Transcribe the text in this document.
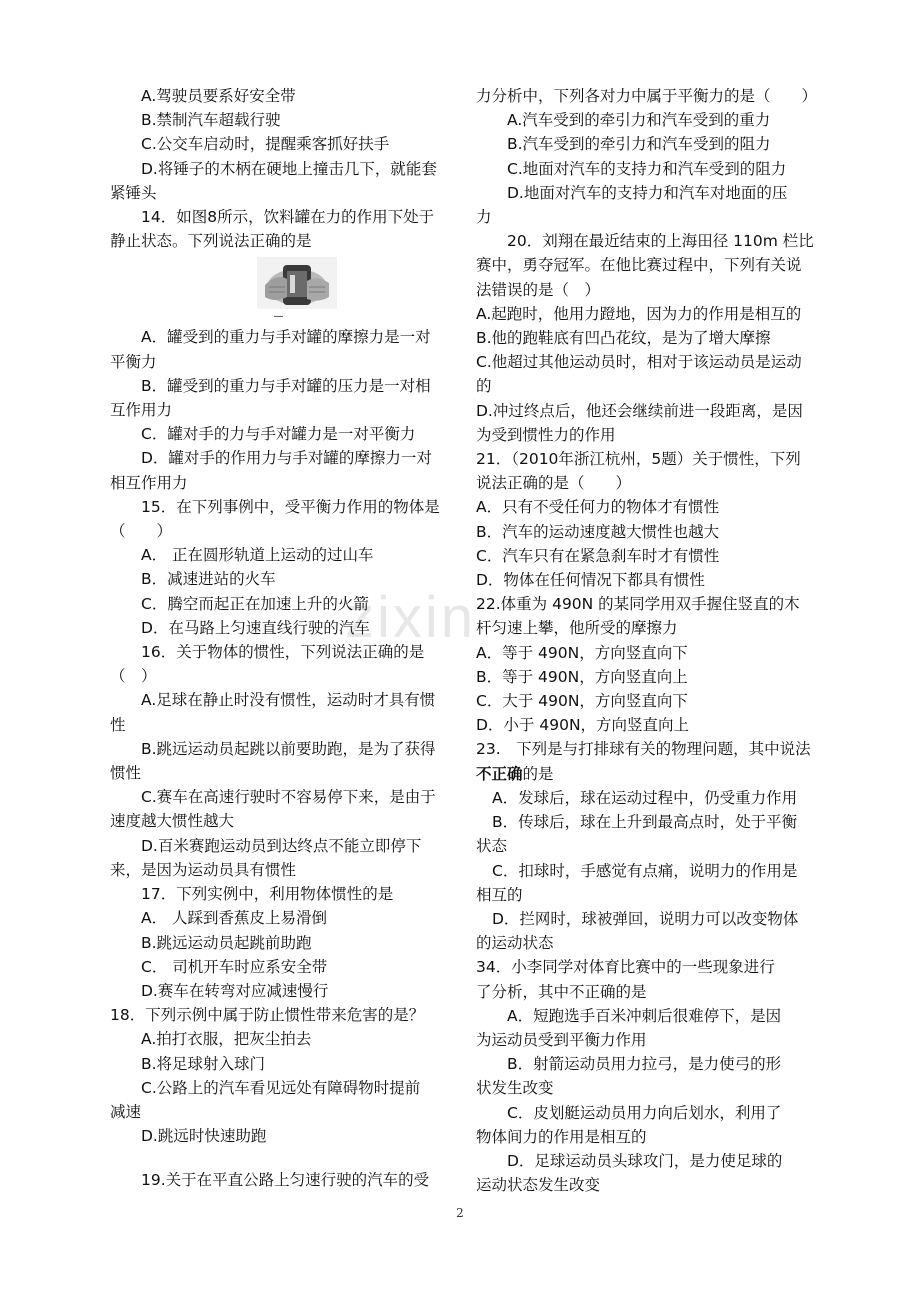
zixin

A.驾驶员要系好安全带

B.禁制汽车超载行驶

C.公交车启动时，提醒乘客抓好扶手

D.将锤子的木柄在硬地上撞击几下，就能套

紧锤头

14．如图8所示，饮料罐在力的作用下处于

静止状态。下列说法正确的是

—

A．罐受到的重力与手对罐的摩擦力是一对

平衡力

B．罐受到的重力与手对罐的压力是一对相

互作用力

C．罐对手的力与手对罐力是一对平衡力

D．罐对手的作用力与手对罐的摩擦力一对

相互作用力

15．在下列事例中，受平衡力作用的物体是

（　　）

A． 正在圆形轨道上运动的过山车

B．减速进站的火车

C．腾空而起正在加速上升的火箭

D．在马路上匀速直线行驶的汽车

16．关于物体的惯性，下列说法正确的是

（　）

A.足球在静止时没有惯性，运动时才具有惯

性

B.跳远运动员起跳以前要助跑，是为了获得

惯性

C.赛车在高速行驶时不容易停下来，是由于

速度越大惯性越大

D.百米赛跑运动员到达终点不能立即停下

来，是因为运动员具有惯性

17．下列实例中，利用物体惯性的是

A． 人踩到香蕉皮上易滑倒

B.跳远运动员起跳前助跑

C． 司机开车时应系安全带

D.赛车在转弯对应减速慢行

18．下列示例中属于防止惯性带来危害的是？

A.拍打衣服，把灰尘拍去

B.将足球射入球门

C.公路上的汽车看见远处有障碍物时提前

减速

D.跳远时快速助跑

19.关于在平直公路上匀速行驶的汽车的受

力分析中，下列各对力中属于平衡力的是（　　）

A.汽车受到的牵引力和汽车受到的重力

B.汽车受到的牵引力和汽车受到的阻力

C.地面对汽车的支持力和汽车受到的阻力

D.地面对汽车的支持力和汽车对地面的压

力

20．刘翔在最近结束的上海田径 110m 栏比

赛中，勇夺冠军。在他比赛过程中，下列有关说

法错误的是（　）

A.起跑时，他用力蹬地，因为力的作用是相互的

B.他的跑鞋底有凹凸花纹，是为了增大摩擦

C.他超过其他运动员时，相对于该运动员是运动

的

D.冲过终点后，他还会继续前进一段距离，是因

为受到惯性力的作用

21．（2010年浙江杭州，5题）关于惯性，下列

说法正确的是（　　）

A．只有不受任何力的物体才有惯性

B．汽车的运动速度越大惯性也越大

C．汽车只有在紧急刹车时才有惯性

D．物体在任何情况下都具有惯性

22.体重为 490N 的某同学用双手握住竖直的木

杆匀速上攀，他所受的摩擦力

A．等于 490N，方向竖直向下

B．等于 490N，方向竖直向上

C．大于 490N，方向竖直向下

D．小于 490N，方向竖直向上

23.　下列是与打排球有关的物理问题，其中说法

不正确的是

A．发球后，球在运动过程中，仍受重力作用

B．传球后，球在上升到最高点时，处于平衡

状态

C．扣球时，手感觉有点痛，说明力的作用是

相互的

D．拦网时，球被弹回，说明力可以改变物体

的运动状态

34．小李同学对体育比赛中的一些现象进行

了分析，其中不正确的是

A．短跑选手百米冲刺后很难停下，是因

为运动员受到平衡力作用

B．射箭运动员用力拉弓，是力使弓的形

状发生改变

C．皮划艇运动员用力向后划水，利用了

物体间力的作用是相互的

D．足球运动员头球攻门，是力使足球的

运动状态发生改变

2
